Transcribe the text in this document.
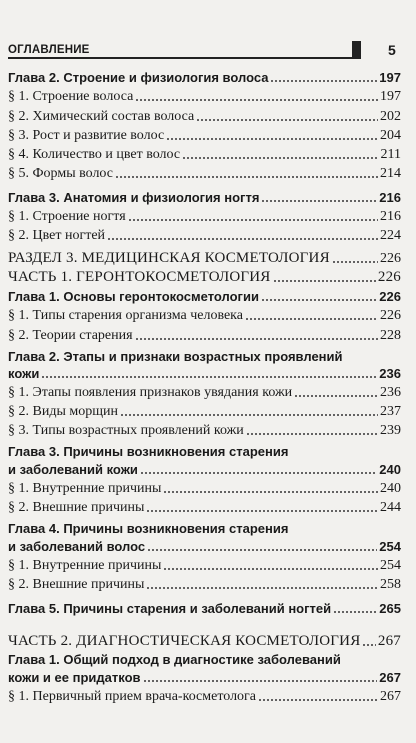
ОГЛАВЛЕНИЕ	5
Глава 2. Строение и физиология волоса	197
§ 1. Строение волоса	197
§ 2. Химический состав волоса	202
§ 3. Рост и развитие волос	204
§ 4. Количество и цвет волос	211
§ 5. Формы волос	214
Глава 3. Анатомия и физиология ногтя	216
§ 1. Строение ногтя	216
§ 2. Цвет ногтей	224
РАЗДЕЛ 3. МЕДИЦИНСКАЯ КОСМЕТОЛОГИЯ	226
ЧАСТЬ 1. ГЕРОНТОКОСМЕТОЛОГИЯ	226
Глава 1. Основы геронтокосметологии	226
§ 1. Типы старения организма человека	226
§ 2. Теории старения	228
Глава 2. Этапы и признаки возрастных проявлений
кожи	236
§ 1. Этапы появления признаков увядания кожи	236
§ 2. Виды морщин	237
§ 3. Типы возрастных проявлений кожи	239
Глава 3. Причины возникновения старения
и заболеваний кожи	240
§ 1. Внутренние причины	240
§ 2. Внешние причины	244
Глава 4. Причины возникновения старения
и заболеваний волос	254
§ 1. Внутренние причины	254
§ 2. Внешние причины	258
Глава 5. Причины старения и заболеваний ногтей	265
ЧАСТЬ 2. ДИАГНОСТИЧЕСКАЯ КОСМЕТОЛОГИЯ 267
Глава 1. Общий подход в диагностике заболеваний
кожи и ее придатков	267
§ 1. Первичный прием врача-косметолога	267
